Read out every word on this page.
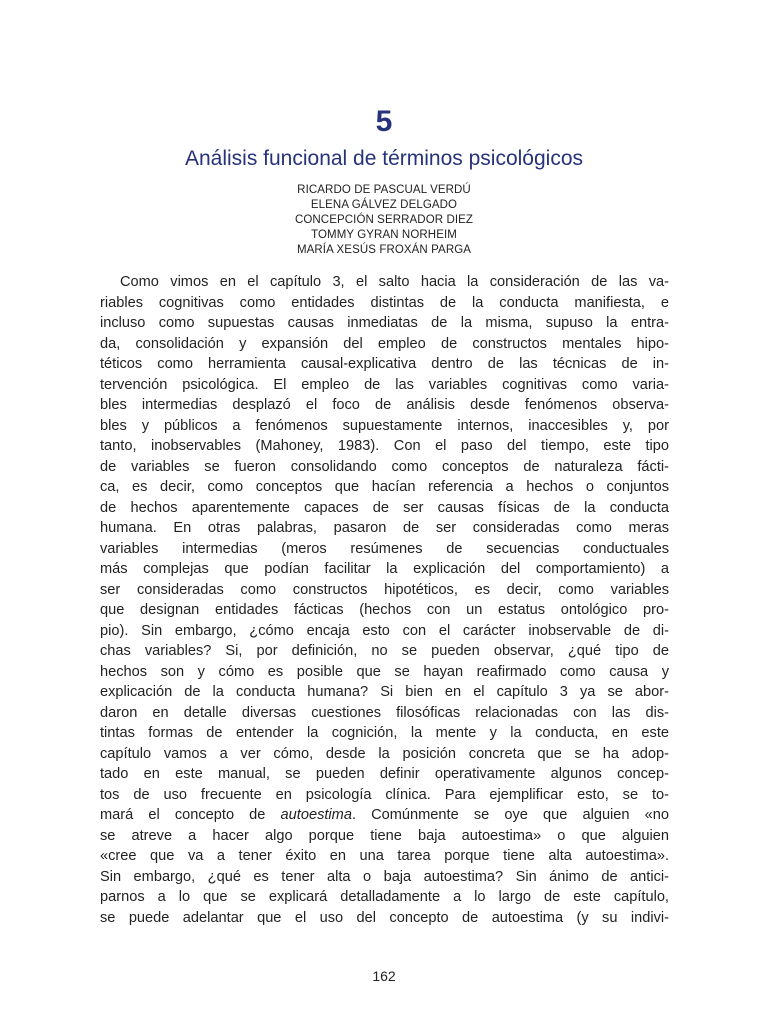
5
Análisis funcional de términos psicológicos
RICARDO DE PASCUAL VERDÚ
ELENA GÁLVEZ DELGADO
CONCEPCIÓN SERRADOR DIEZ
TOMMY GYRAN NORHEIM
MARÍA XESÚS FROXÁN PARGA
Como vimos en el capítulo 3, el salto hacia la consideración de las va-
riables cognitivas como entidades distintas de la conducta manifiesta, e
incluso como supuestas causas inmediatas de la misma, supuso la entra-
da, consolidación y expansión del empleo de constructos mentales hipo-
téticos como herramienta causal-explicativa dentro de las técnicas de in-
tervención psicológica. El empleo de las variables cognitivas como varia-
bles intermedias desplazó el foco de análisis desde fenómenos observa-
bles y públicos a fenómenos supuestamente internos, inaccesibles y, por
tanto, inobservables (Mahoney, 1983). Con el paso del tiempo, este tipo
de variables se fueron consolidando como conceptos de naturaleza fácti-
ca, es decir, como conceptos que hacían referencia a hechos o conjuntos
de hechos aparentemente capaces de ser causas físicas de la conducta
humana. En otras palabras, pasaron de ser consideradas como meras
variables intermedias (meros resúmenes de secuencias conductuales
más complejas que podían facilitar la explicación del comportamiento) a
ser consideradas como constructos hipotéticos, es decir, como variables
que designan entidades fácticas (hechos con un estatus ontológico pro-
pio). Sin embargo, ¿cómo encaja esto con el carácter inobservable de di-
chas variables? Si, por definición, no se pueden observar, ¿qué tipo de
hechos son y cómo es posible que se hayan reafirmado como causa y
explicación de la conducta humana? Si bien en el capítulo 3 ya se abor-
daron en detalle diversas cuestiones filosóficas relacionadas con las dis-
tintas formas de entender la cognición, la mente y la conducta, en este
capítulo vamos a ver cómo, desde la posición concreta que se ha adop-
tado en este manual, se pueden definir operativamente algunos concep-
tos de uso frecuente en psicología clínica. Para ejemplificar esto, se to-
mará el concepto de autoestima. Comúnmente se oye que alguien «no
se atreve a hacer algo porque tiene baja autoestima» o que alguien
«cree que va a tener éxito en una tarea porque tiene alta autoestima».
Sin embargo, ¿qué es tener alta o baja autoestima? Sin ánimo de antici-
parnos a lo que se explicará detalladamente a lo largo de este capítulo,
se puede adelantar que el uso del concepto de autoestima (y su indivi-
162
